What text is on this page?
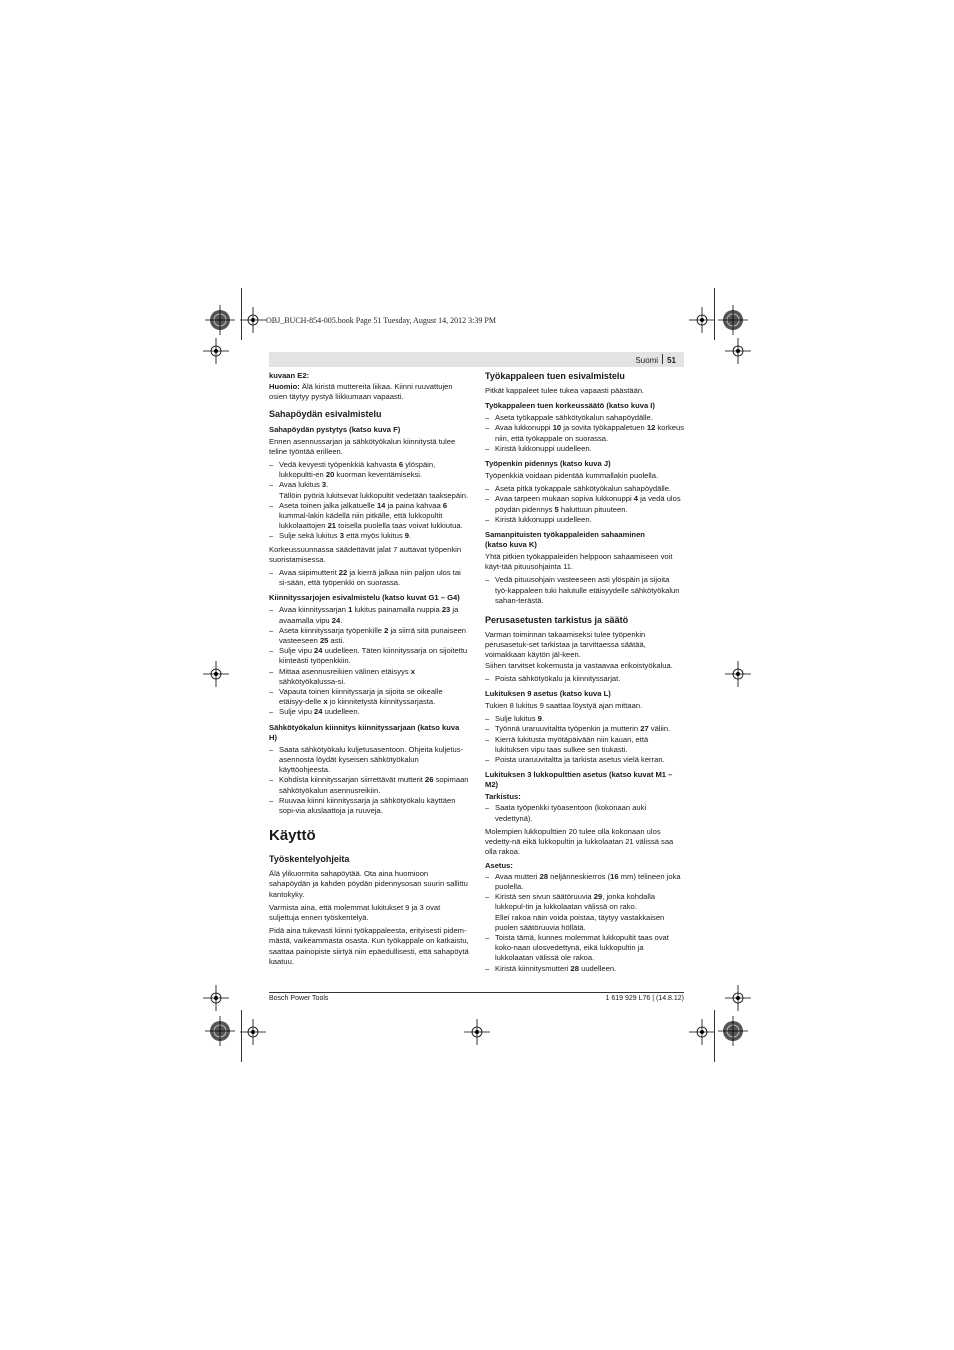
OBJ_BUCH-854-005.book Page 51 Tuesday, August 14, 2012 3:39 PM
Suomi 51

kuvaan E2:

Huomio: Älä kiristä muttereita liikaa. Kiinni ruuvattujen osien täytyy pystyä liikkumaan vapaasti.

Sahapöydän esivalmistelu
Sahapöydän pystytys (katso kuva F)

Ennen asennussarjan ja sähkötyökalun kiinnitystä tulee teline työntää erilleen.

– Vedä kevyesti työpenkkiä kahvasta 6 ylöspäin, lukkopultti-en 20 kuorman keventämiseksi.
– Avaa lukitus 3.
Tällöin pyöriä lukitsevat lukkopultit vedetään taaksepäin.
– Aseta toinen jalka jalkatuelle 14 ja paina kahvaa 6 kummal-lakin kädellä niin pitkälle, että lukkopultit lukkolaattojen 21 toisella puolella taas voivat lukkiutua.
– Sulje sekä lukitus 3 että myös lukitus 9.

Korkeussuunnassa säädettävät jalat 7 auttavat työpenkin suoristamisessa.

– Avaa siipimutterit 22 ja kierrä jalkaa niin paljon ulos tai si-sään, että työpenkki on suorassa.
Kiinnityssarjojen esivalmistelu (katso kuvat G1 – G4)
– Avaa kiinnityssarjan 1 lukitus painamalla nuppia 23 ja avaamalla vipu 24.
– Aseta kiinnityssarja työpenkille 2 ja siirrä sitä punaiseen vasteeseen 25 asti.
– Sulje vipu 24 uudelleen. Täten kiinnityssarja on sijoitettu kiinteästi työpenkkiin.
– Mittaa asennusreikien välinen etäisyys x sähkötyökalussa-si.
– Vapauta toinen kiinnityssarja ja sijoita se oikealle etäisyy-delle x jo kiinnitetystä kiinnityssarjasta.
– Sulje vipu 24 uudelleen.
Sähkötyökalun kiinnitys kiinnityssarjaan (katso kuva H)
– Saata sähkötyökalu kuljetusasentoon. Ohjeita kuljetus-asennosta löydät kyseisen sähkötyökalun käyttöohjeesta.
– Kohdista kiinnityssarjan siirrettävät mutterit 26 sopimaan sähkötyökalun asennusreikiin.
– Ruuvaa kiinni kiinnityssarja ja sähkötyökalu käyttäen sopi-via aluslaattoja ja ruuveja.
Käyttö
Työskentelyohjeita

Älä ylikuormita sahapöytää. Ota aina huomioon sahapöydän ja kahden pöydän pidennysosan suurin sallittu kantokyky.

Varmista aina, että molemmat lukitukset 9 ja 3 ovat suljettuja ennen työskentelyä.

Pidä aina tukevasti kiinni työkappaleesta, erityisesti pidem-mästä, vaikeammasta osasta. Kun työkappale on katkaistu, saattaa painopiste siirtyä niin epäedullisesti, että sahapöytä kaatuu.

Työkappaleen tuen esivalmistelu

Pitkät kappaleet tulee tukea vapaasti päästään.

Työkappaleen tuen korkeussäätö (katso kuva I)
– Aseta työkappale sähkötyökalun sahapöydälle.
– Avaa lukkonuppi 10 ja sovita työkappaletuen 12 korkeus niin, että työkappale on suorassa.
– Kiristä lukkonuppi uudelleen.
Työpenkin pidennys (katso kuva J)

Työpenkkiä voidaan pidentää kummallakin puolella.

– Aseta pitkä työkappale sähkötyökalun sahapöydälle.
– Avaa tarpeen mukaan sopiva lukkonuppi 4 ja vedä ulos pöydän pidennys 5 haluttuun pituuteen.
– Kiristä lukkonuppi uudelleen.
Samanpituisten työkappaleiden sahaaminen
(katso kuva K)

Yhtä pitkien työkappaleiden helppoon sahaamiseen voit käyt-tää pituusohjainta 11.

– Vedä pituusohjain vasteeseen asti ylöspäin ja sijoita työ-kappaleen tuki halutulle etäisyydelle sähkötyökalun sahan-terästä.
Perusasetusten tarkistus ja säätö

Varman toiminnan takaamiseksi tulee työpenkin perusasetuk-set tarkistaa ja tarvittaessa säätää, voimakkaan käytön jäl-keen.

Siihen tarvitset kokemusta ja vastaavaa erikoistyökalua.

– Poista sähkötyökalu ja kiinnityssarjat.
Lukituksen 9 asetus (katso kuva L)

Tukien 8 lukitus 9 saattaa löystyä ajan mittaan.

– Sulje lukitus 9.
– Työnnä uraruuvitaltta työpenkin ja mutterin 27 väliin.
– Kierrä lukitusta myötäpäivään niin kauan, että lukituksen vipu taas sulkee sen tiukasti.
– Poista uraruuvitaltta ja tarkista asetus vielä kerran.
Lukituksen 3 lukkopulttien asetus (katso kuvat M1 – M2)

Tarkistus:

– Saata työpenkki työasentoon (kokonaan auki vedettynä).

Molempien lukkopulttien 20 tulee olla kokonaan ulos vedetty-nä eikä lukkopultin ja lukkolaatan 21 välissä saa olla rakoa.

Asetus:

– Avaa mutteri 28 neljänneskierros (16 mm) telineen joka puolella.
– Kiristä sen sivun säätöruuvia 29, jonka kohdalla lukkopul-tin ja lukkolaatan välissä on rako.
Elleí rakoa näin voida poistaa, täytyy vastakkaisen puolen säätöruuvia höllätä.
– Toista tämä, kunnes molemmat lukkopultit taas ovat koko-naan ulosvedettynä, eikä lukkopultin ja lukkolaatan välissä ole rakoa.
– Kiristä kiinnitysmutteri 28 uudelleen.
Bosch Power Tools	1 619 929 L76 | (14.8.12)
